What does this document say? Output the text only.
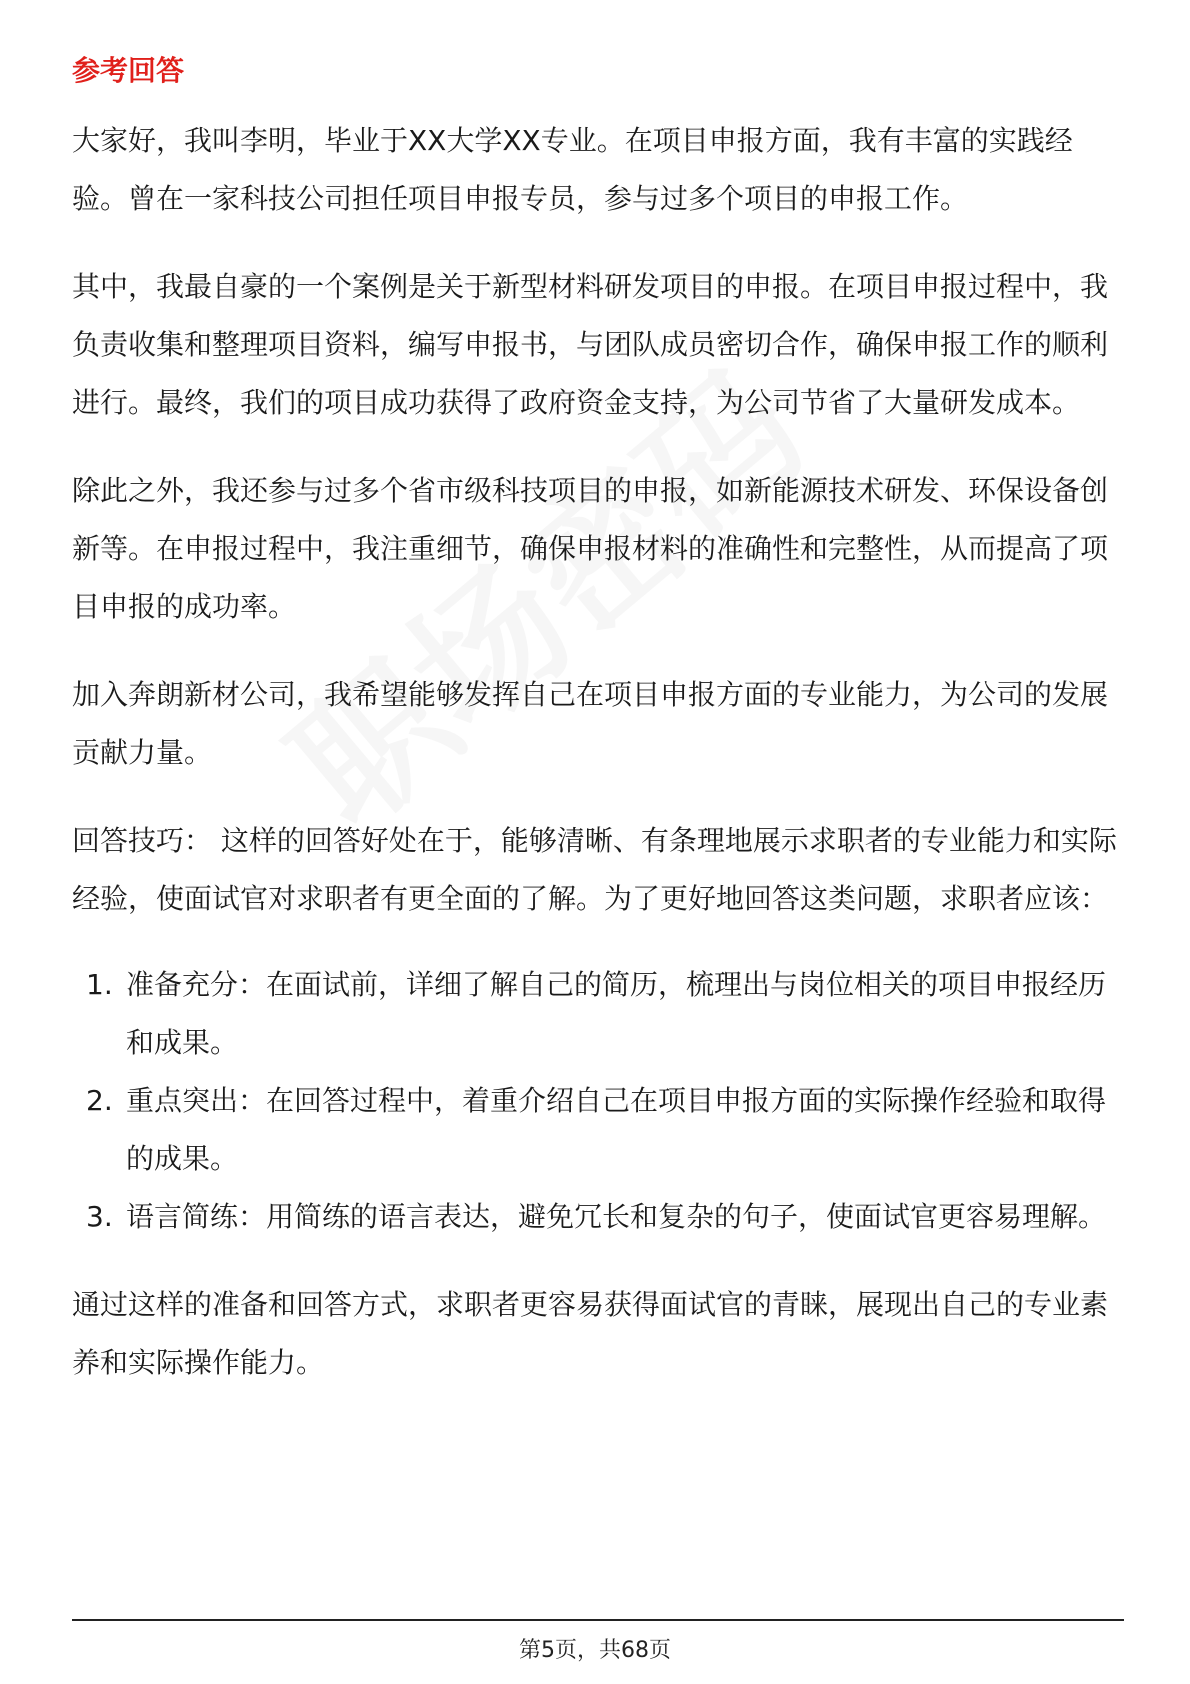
参考回答

大家好，我叫李明，毕业于XX大学XX专业。在项目申报方面，我有丰富的实践经验。曾在一家科技公司担任项目申报专员，参与过多个项目的申报工作。

其中，我最自豪的一个案例是关于新型材料研发项目的申报。在项目申报过程中，我负责收集和整理项目资料，编写申报书，与团队成员密切合作，确保申报工作的顺利进行。最终，我们的项目成功获得了政府资金支持，为公司节省了大量研发成本。

除此之外，我还参与过多个省市级科技项目的申报，如新能源技术研发、环保设备创新等。在申报过程中，我注重细节，确保申报材料的准确性和完整性，从而提高了项目申报的成功率。

加入奔朗新材公司，我希望能够发挥自己在项目申报方面的专业能力，为公司的发展贡献力量。

回答技巧： 这样的回答好处在于，能够清晰、有条理地展示求职者的专业能力和实际经验，使面试官对求职者有更全面的了解。为了更好地回答这类问题，求职者应该：

1. 准备充分：在面试前，详细了解自己的简历，梳理出与岗位相关的项目申报经历和成果。
2. 重点突出：在回答过程中，着重介绍自己在项目申报方面的实际操作经验和取得的成果。
3. 语言简练：用简练的语言表达，避免冗长和复杂的句子，使面试官更容易理解。

通过这样的准备和回答方式，求职者更容易获得面试官的青睐，展现出自己的专业素养和实际操作能力。

第5页，共68页
